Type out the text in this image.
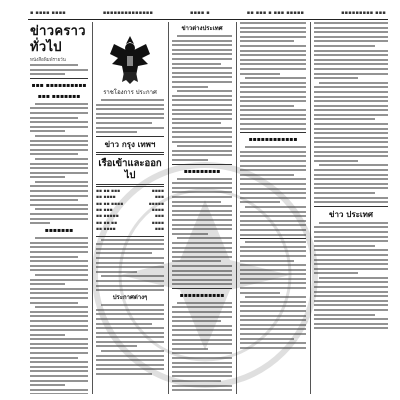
▪ ▪▪▪▪ ▪▪▪▪	▪▪▪▪▪▪▪▪▪▪▪▪▪▪	▪▪▪▪ ▪	▪▪ ▪▪▪ ▪ ▪▪▪ ▪▪▪▪▪	▪▪▪▪▪▪▪▪▪ ▪▪▪
ข่าวคราวทั่วไป
หนังสือพิมพ์รายวัน
▪▪▪ ▪▪▪▪▪▪▪▪▪▪
▪▪▪ ▪▪▪▪▪▪▪
▪▪▪▪▪▪▪
ราชโองการ ประกาศ
ข่าว กรุง เทพฯ
เรือเข้าและออกไป
▪▪ ▪▪ ▪▪▪	▪▪▪▪
▪▪ ▪▪▪▪	▪▪▪
▪▪ ▪▪ ▪▪▪▪	▪▪▪▪▪
▪▪ ▪▪▪	▪▪▪▪
▪▪ ▪▪▪▪▪	▪▪▪
▪▪ ▪▪ ▪▪	▪▪▪▪
▪▪ ▪▪▪▪	▪▪▪
ประกาศต่างๆ
ข่าวต่างประเทศ
▪▪▪▪▪▪▪▪▪
▪▪▪▪▪▪▪▪▪▪▪
▪▪▪▪▪▪▪▪▪▪▪▪
ข่าว ประเทศ
